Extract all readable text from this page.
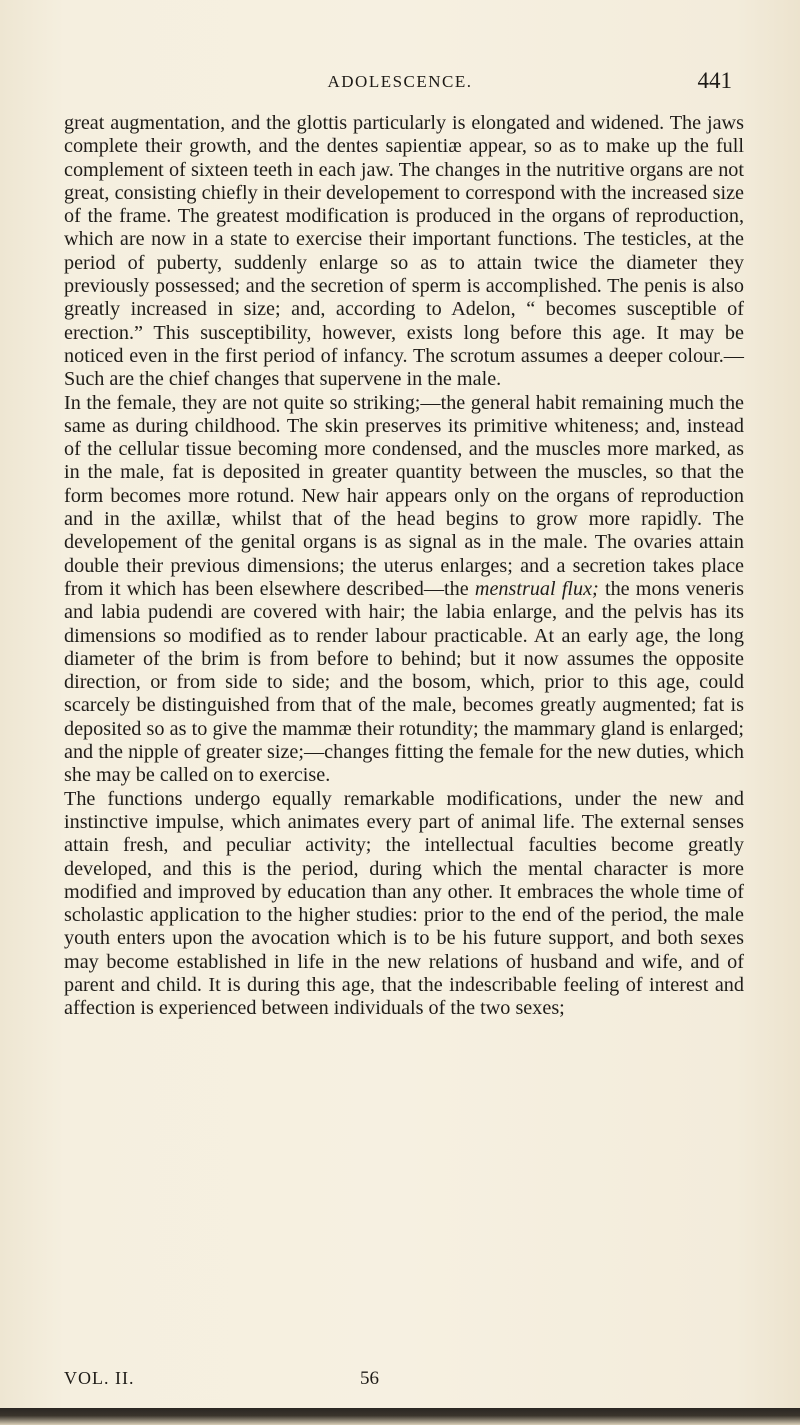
ADOLESCENCE.	441

great augmentation, and the glottis particularly is elongated and widened. The jaws complete their growth, and the dentes sapientiæ appear, so as to make up the full complement of sixteen teeth in each jaw. The changes in the nutritive organs are not great, consisting chiefly in their developement to correspond with the increased size of the frame. The greatest modification is produced in the organs of reproduction, which are now in a state to exercise their important functions. The testicles, at the period of puberty, suddenly enlarge so as to attain twice the diameter they previously possessed; and the secretion of sperm is accomplished. The penis is also greatly increased in size; and, according to Adelon, “ becomes susceptible of erection.” This susceptibility, however, exists long before this age. It may be noticed even in the first period of infancy. The scrotum assumes a deeper colour.—Such are the chief changes that supervene in the male.

In the female, they are not quite so striking;—the general habit remaining much the same as during childhood. The skin preserves its primitive whiteness; and, instead of the cellular tissue becoming more condensed, and the muscles more marked, as in the male, fat is deposited in greater quantity between the muscles, so that the form becomes more rotund. New hair appears only on the organs of reproduction and in the axillæ, whilst that of the head begins to grow more rapidly. The developement of the genital organs is as signal as in the male. The ovaries attain double their previous dimensions; the uterus enlarges; and a secretion takes place from it which has been elsewhere described—the menstrual flux; the mons veneris and labia pudendi are covered with hair; the labia enlarge, and the pelvis has its dimensions so modified as to render labour practicable. At an early age, the long diameter of the brim is from before to behind; but it now assumes the opposite direction, or from side to side; and the bosom, which, prior to this age, could scarcely be distinguished from that of the male, becomes greatly augmented; fat is deposited so as to give the mammæ their rotundity; the mammary gland is enlarged; and the nipple of greater size;—changes fitting the female for the new duties, which she may be called on to exercise.

The functions undergo equally remarkable modifications, under the new and instinctive impulse, which animates every part of animal life. The external senses attain fresh, and peculiar activity; the intellectual faculties become greatly developed, and this is the period, during which the mental character is more modified and improved by education than any other. It embraces the whole time of scholastic application to the higher studies: prior to the end of the period, the male youth enters upon the avocation which is to be his future support, and both sexes may become established in life in the new relations of husband and wife, and of parent and child. It is during this age, that the indescribable feeling of interest and affection is experienced between individuals of the two sexes;

VOL. II.	56
